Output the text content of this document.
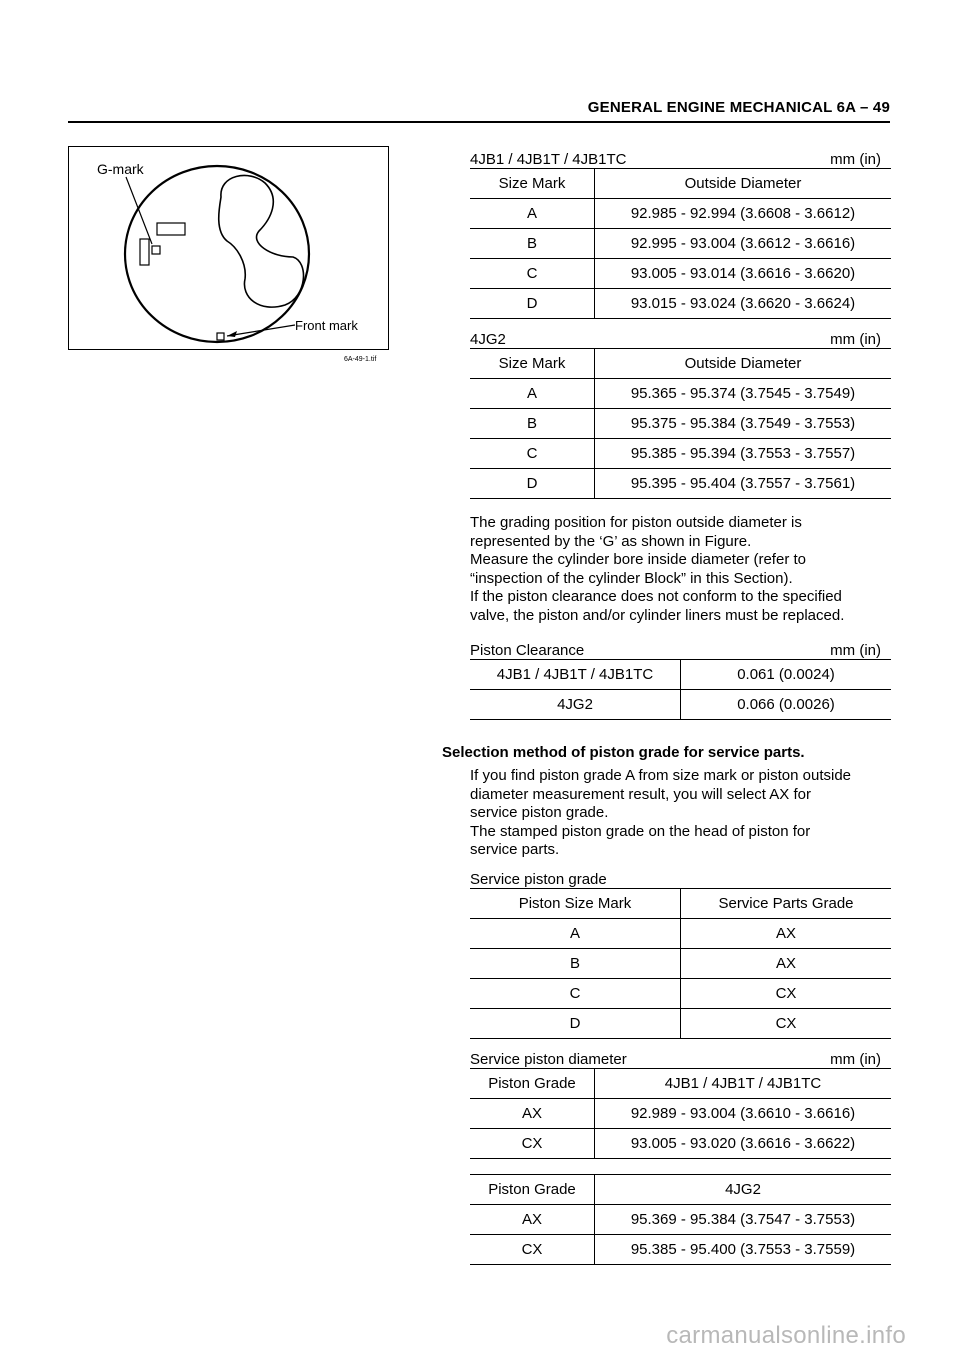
GENERAL ENGINE MECHANICAL 6A – 49
G-mark
Front mark
6A-49-1.tif
4JB1 / 4JB1T / 4JB1TC	mm (in)
Size Mark	Outside Diameter
A	92.985 - 92.994 (3.6608 - 3.6612)
B	92.995 - 93.004 (3.6612 - 3.6616)
C	93.005 - 93.014 (3.6616 - 3.6620)
D	93.015 - 93.024 (3.6620 - 3.6624)
4JG2	mm (in)
Size Mark	Outside Diameter
A	95.365 - 95.374 (3.7545 - 3.7549)
B	95.375 - 95.384 (3.7549 - 3.7553)
C	95.385 - 95.394 (3.7553 - 3.7557)
D	95.395 - 95.404 (3.7557 - 3.7561)

The grading position for piston outside diameter is

represented by the ‘G’ as shown in Figure.

Measure the cylinder bore inside diameter (refer to

“inspection of the cylinder Block” in this Section).

If the piston clearance does not conform to the specified

valve, the piston and/or cylinder liners must be replaced.

Piston Clearance	mm (in)
4JB1 / 4JB1T / 4JB1TC	0.061 (0.0024)
4JG2	0.066 (0.0026)
Selection method of piston grade for service parts.

If you find piston grade A from size mark or piston outside

diameter measurement result, you will select AX for

service piston grade.

The stamped piston grade on the head of piston for

service parts.

Service piston grade
Piston Size Mark	Service Parts Grade
A	AX
B	AX
C	CX
D	CX
Service piston diameter	mm (in)
Piston Grade	4JB1 / 4JB1T / 4JB1TC
AX	92.989 - 93.004 (3.6610 - 3.6616)
CX	93.005 - 93.020 (3.6616 - 3.6622)
Piston Grade	4JG2
AX	95.369 - 95.384 (3.7547 - 3.7553)
CX	95.385 - 95.400 (3.7553 - 3.7559)
carmanualsonline.info
